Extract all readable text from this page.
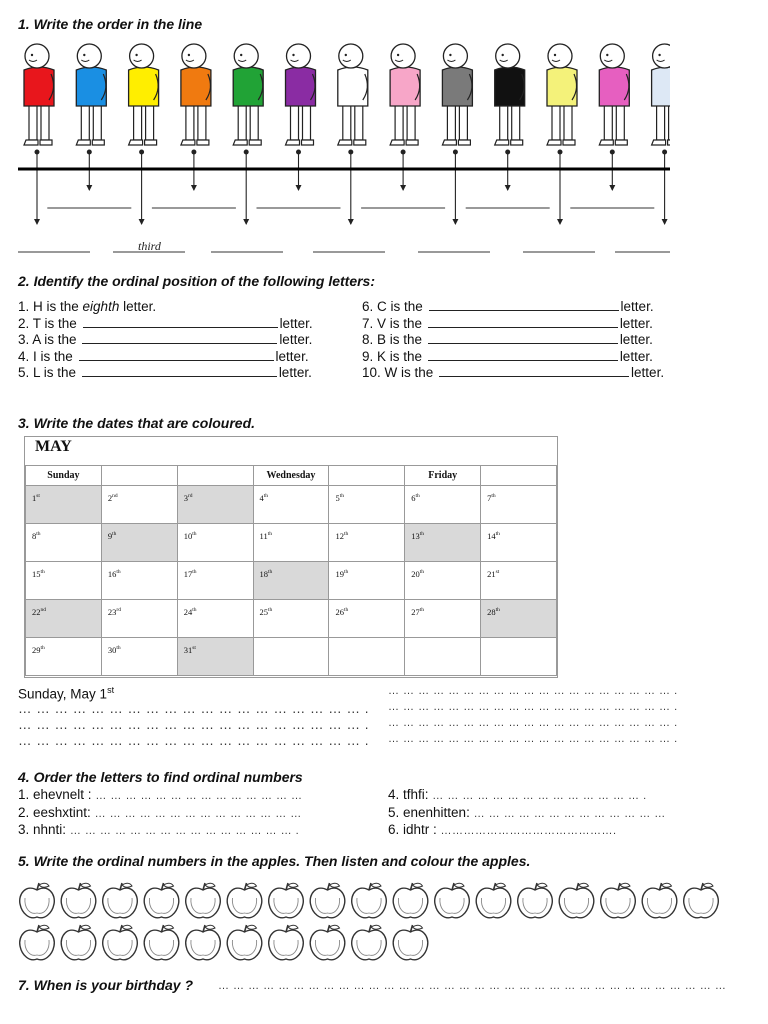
1. Write the order in the line

third

2. Identify the ordinal position of the following letters:

1. H is the eighth letter.
2. T is the	letter.
3. A is the	letter.
4. I is the	letter.
5. L is the	letter.
6. C is the	letter.
7. V is the	letter.
8. B is the	letter.
9. K is the	letter.
10. W is the	letter.

3. Write the dates that are coloured.

MAY
Sunday			Wednesday		Friday	
1st	2nd	3rd	4th	5th	6th	7th
8th	9th	10th	11th	12th	13th	14th
15th	16th	17th	18th	19th	20th	21st
22nd	23rd	24th	25th	26th	27th	28th
29th	30th	31st				
Sunday, May 1st	… … … … … … … … … … … … … … … … … … … .
… … … … … … … … … … … … … … … … … … … . … … … … … … … … … … … … … … … … … … … .
… … … … … … … … … … … … … … … … … … … . … … … … … … … … … … … … … … … … … … … .
… … … … … … … … … … … … … … … … … … … . … … … … … … … … … … … … … … … … … … … .

4. Order the letters to find ordinal numbers

1. ehevnelt : … … … … … … … … … … … … … …
2. eeshxtint: … … … … … … … … … … … … … …
3. nhnti: … … … … … … … … … … … … … … … .
4. tfhfi: … … … … … … … … … … … … … … .
5. enenhitten: … … … … … … … … … … … … …
6. idhtr : ……………………………………….

5. Write the ordinal numbers in the apples. Then listen and colour the apples.

7. When is your birthday ? … … … … … … … … … … … … … … … … … … … … … … … … … … … … … … … … … …
